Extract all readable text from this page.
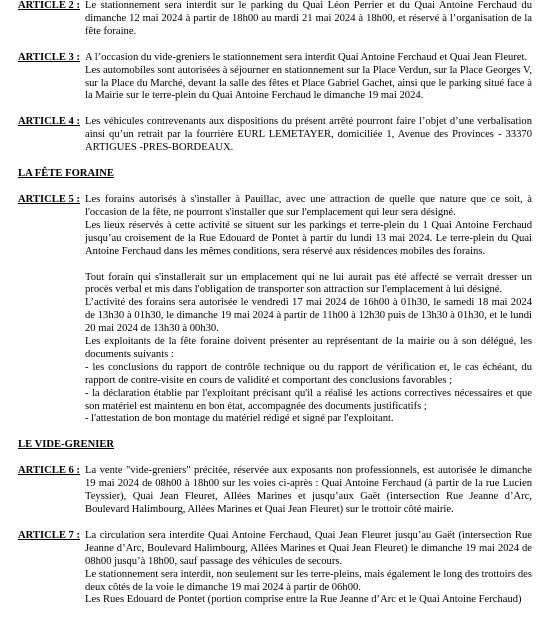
ARTICLE 2 : Le stationnement sera interdit sur le parking du Quai Léon Perrier et du Quai Antoine Ferchaud du dimanche 12 mai 2024 à partir de 18h00 au mardi 21 mai 2024 à 18h00, et réservé à l’organisation de la fête foraine.

ARTICLE 3 : A l’occasion du vide-greniers le stationnement sera interdit Quai Antoine Ferchaud et Quai Jean Fleuret.

Les automobiles sont autorisées à séjourner en stationnement sur la Place Verdun, sur la Place Georges V, sur la Place du Marché, devant la salle des fêtes et Place Gabriel Gachet, ainsi que le parking situé face à la Mairie sur le terre-plein du Quai Antoine Ferchaud le dimanche 19 mai 2024.

ARTICLE 4 : Les véhicules contrevenants aux dispositions du présent arrêté pourront faire l’objet d’une verbalisation ainsi qu’un retrait par la fourrière EURL LEMETAYER, domiciliée 1, Avenue des Provinces - 33370 ARTIGUES -PRES-BORDEAUX.

LA FÊTE FORAINE
ARTICLE 5 : Les forains autorisés à s'installer à Pauillac, avec une attraction de quelle que nature que ce soit, à l'occasion de la fête, ne pourront s'installer que sur l'emplacement qui leur sera désigné.

Les lieux réservés à cette activité se situent sur les parkings et terre-plein du 1 Quai Antoine Ferchaud jusqu’au croisement de la Rue Edouard de Pontet à partir du lundi 13 mai 2024. Le terre-plein du Quai Antoine Ferchaud dans les mêmes conditions, sera réservé aux résidences mobiles des forains.

Tout forain qui s'installerait sur un emplacement qui ne lui aurait pas été affecté se verrait dresser un procès verbal et mis dans l'obligation de transporter son attraction sur l'emplacement à lui désigné.

L’activité des forains sera autorisée le vendredi 17 mai 2024 de 16h00 à 01h30, le samedi 18 mai 2024 de 13h30 à 01h30, le dimanche 19 mai 2024 à partir de 11h00 à 12h30 puis de 13h30 à 01h30, et le lundi 20 mai 2024 de 13h30 à 00h30.

Les exploitants de la fête foraine doivent présenter au représentant de la mairie ou à son délégué, les documents suivants :

- les conclusions du rapport de contrôle technique ou du rapport de vérification et, le cas échéant, du rapport de contre-visite en cours de validité et comportant des conclusions favorables ;

- la déclaration établie par l'exploitant précisant qu'il a réalisé les actions correctives nécessaires et que son matériel est maintenu en bon état, accompagnée des documents justificatifs ;

- l'attestation de bon montage du matériel rédigé et signé par l'exploitant.

LE VIDE-GRENIER
ARTICLE 6 : La vente "vide-greniers" précitée, réservée aux exposants non professionnels, est autorisée le dimanche 19 mai 2024 de 08h00 à 18h00 sur les voies ci-après : Quai Antoine Ferchaud (à partir de la rue Lucien Teyssier), Quai Jean Fleuret, Allées Marines et jusqu’aux Gaët (intersection Rue Jeanne d’Arc, Boulevard Halimbourg, Allées Marines et Quai Jean Fleuret) sur le trottoir côté mairie.

ARTICLE 7 : La circulation sera interdite Quai Antoine Ferchaud, Quai Jean Fleuret jusqu’au Gaët (intersection Rue Jeanne d’Arc, Boulevard Halimbourg, Allées Marines et Quai Jean Fleuret) le dimanche 19 mai 2024 de 08h00 jusqu’à 18h00, sauf passage des véhicules de secours.

Le stationnement sera interdit, non seulement sur les terre-pleins, mais également le long des trottoirs des deux côtés de la voie le dimanche 19 mai 2024 à partir de 06h00.

Les Rues Edouard de Pontet (portion comprise entre la Rue Jeanne d’Arc et le Quai Antoine Ferchaud)
